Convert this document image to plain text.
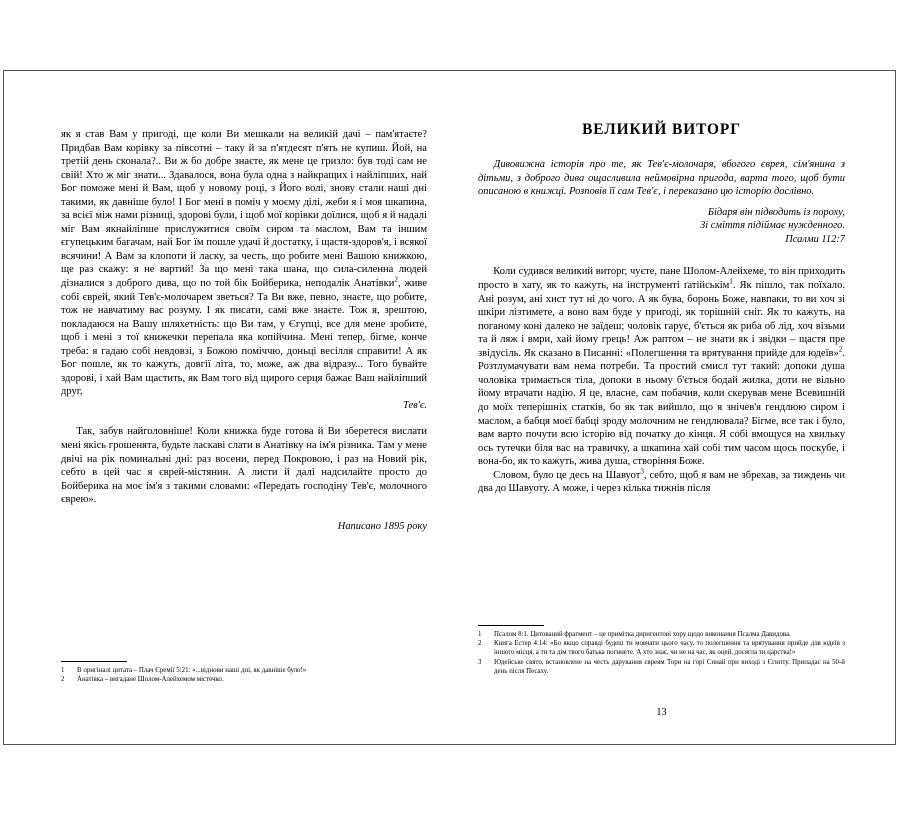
як я став Вам у пригоді, ще коли Ви мешкали на великій дачі – пам'ятаєте? Придбав Вам корівку за півсотні – таку й за п'ятдесят п'ять не купиш. Йой, на третій день сконала?.. Ви ж бо добре знаєте, як мене це гризло: був тоді сам не свій! Хто ж міг знати... Здавалося, вона була одна з найкращих і найліпших, най Бог поможе мені й Вам, щоб у новому році, з Його волі, знову стали наші дні такими, як давніше було! І Бог мені в поміч у моєму ділі, жеби я і моя шкапина, за всієї між нами різниці, здорові були, і щоб мої корівки доїлися, щоб я й надалі міг Вам якнайліпше прислужитися своїм сиром та маслом, Вам та іншим єгупецьким багачам, най Бог їм пошле удачі й достатку, і щастя-здоров'я, і всякої всячини! А Вам за клопоти й ласку, за честь, що робите мені Вашою книжкою, ще раз скажу: я не вартий! За що мені така шана, що сила-силенна людей дізналися з доброго дива, що по той бік Бойберика, неподалік Анатівки$^2$, живе собі єврей, який Тев'є-молочарем зветься? Та Ви вже, певно, знаєте, що робите, тож не навчатиму вас розуму. І як писати, самі вже знаєте. Тож я, зрештою, покладаюся на Вашу шляхетність: що Ви там, у Єгупці, все для мене зробите, щоб і мені з тої книжечки перепала яка копійчина. Мені тепер, бігме, конче треба: я гадаю собі невдовзі, з Божою поміччю, доньці весілля справити! А як Бог пошле, як то кажуть, довгії літа, то, може, аж два відразу... Того бувайте здорові, і хай Вам щастить, як Вам того від щирого серця бажає Ваш найліпший друг,

Тев'є.

Так, забув найголовніше! Коли книжка буде готова й Ви зберетеся вислати мені якісь грошенята, будьте ласкаві слати в Анатівку на ім'я різника. Там у мене двічі на рік поминальні дні: раз восени, перед Покровою, і раз на Новий рік, себто в цей час я єврей-містянин. А листи й далі надсилайте просто до Бойберика на моє ім'я з такими словами: «Передать господіну Тев'є, молочного єврею».

Написано 1895 року

1 В оригіналі цитата – Плач Єремії 5:21: «...віднови наші дні, як давніше було!»

2 Анатівка – вигадане Шолом-Алейхемом містечко.

ВЕЛИКИЙ ВИТОРГ

Дивовижна історія про те, як Тев'є-молочаря, вбогого єврея, сім'янина з дітьми, з доброго дива ощасливила неймовірна пригода, варта того, щоб бути описаною в книжці. Розповів її сам Тев'є, і переказано цю історію дослівно.

Бідаря він підводить із пороху,

Зі сміття підіймає нужденного.

Псалми 112:7

Коли судився великий виторг, чуєте, пане Шолом-Алейхеме, то він приходить просто в хату, як то кажуть, на інструменті ґатійськім$^1$. Як пішло, так поїхало. Ані розум, ані хист тут ні до чого. А як бува, боронь Боже, навпаки, то ви хоч зі шкіри лізтимете, а воно вам буде у пригоді, як торішній сніг. Як то кажуть, на поганому коні далеко не заїдеш; чоловік гарує, б'ється як риба об лід, хоч візьми та й ляж і вмри, хай йому грець! Аж раптом – не знати як і звідки – щастя пре звідусіль. Як сказано в Писанні: «Полегшення та врятування прийде для юдеїв»$^2$. Розтлумачувати вам нема потреби. Та простий смисл тут такий: допоки душа чоловіка тримається тіла, допоки в ньому б'ється бодай жилка, доти не вільно йому втрачати надію. Я це, власне, сам побачив, коли скерував мене Всевишній до моїх теперішніх статків, бо як так вийшло, що я знічев'я гендлюю сиром і маслом, а бабця моєї бабці зроду молочним не гендлювала? Бігме, все так і було, вам варто почути всю історію від початку до кінця. Я собі вмощуся на хвильку ось тутечки біля вас на травичку, а шкапина хай собі тим часом щось поскубе, і вона-бо, як то кажуть, жива душа, створіння Боже.

Словом, було це десь на Шавуот$^3$, себто, щоб я вам не збрехав, за тиждень чи два до Шавуоту. А може, і через кілька тижнів після

1 Псалом 8:1. Цитований фрагмент – це примітка диригентові хору щодо виконання Псалма Давидова.

2 Книга Естер 4:14: «Бо якщо справді будеш ти мовчати цього часу, то полегшення та врятування прийде для юдеїв з іншого місця, а ти та дім твого батька погинете. А хто знає, чи не на час, як оцей, досягла ти царства!»

3 Юдейське свято, встановлене на честь дарування євреям Тори на горі Синай при виході з Єгипту. Припадає на 50-й день після Песаху.

13
